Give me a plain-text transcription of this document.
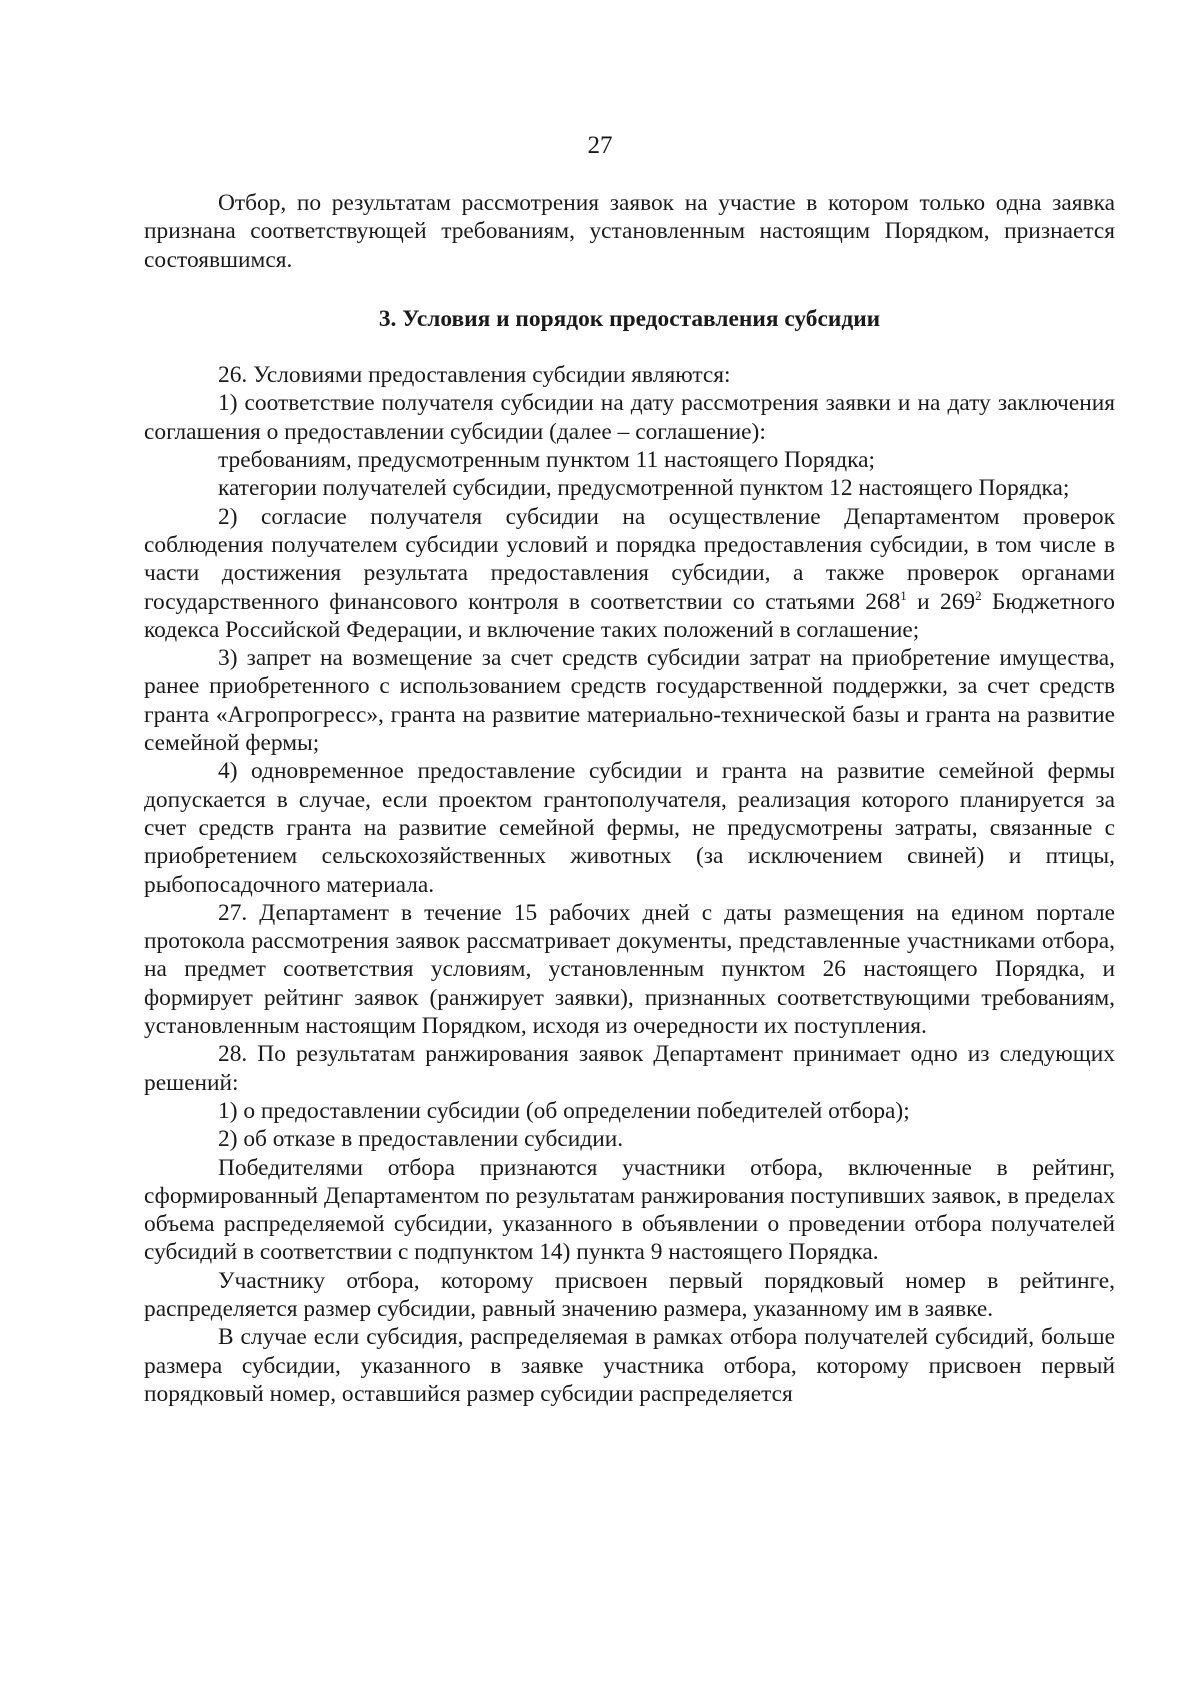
27

Отбор, по результатам рассмотрения заявок на участие в котором только одна заявка признана соответствующей требованиям, установленным настоящим Порядком, признается состоявшимся.

3. Условия и порядок предоставления субсидии

26. Условиями предоставления субсидии являются:

1) соответствие получателя субсидии на дату рассмотрения заявки и на дату заключения соглашения о предоставлении субсидии (далее – соглашение):

требованиям, предусмотренным пунктом 11 настоящего Порядка;

категории получателей субсидии, предусмотренной пунктом 12 настоящего Порядка;

2) согласие получателя субсидии на осуществление Департаментом проверок соблюдения получателем субсидии условий и порядка предоставления субсидии, в том числе в части достижения результата предоставления субсидии, а также проверок органами государственного финансового контроля в соответствии со статьями $268^1$ и $269^2$ Бюджетного кодекса Российской Федерации, и включение таких положений в соглашение;

3) запрет на возмещение за счет средств субсидии затрат на приобретение имущества, ранее приобретенного с использованием средств государственной поддержки, за счет средств гранта «Агропрогресс», гранта на развитие материально-технической базы и гранта на развитие семейной фермы;

4) одновременное предоставление субсидии и гранта на развитие семейной фермы допускается в случае, если проектом грантополучателя, реализация которого планируется за счет средств гранта на развитие семейной фермы, не предусмотрены затраты, связанные с приобретением сельскохозяйственных животных (за исключением свиней) и птицы, рыбопосадочного материала.

27. Департамент в течение 15 рабочих дней с даты размещения на едином портале протокола рассмотрения заявок рассматривает документы, представленные участниками отбора, на предмет соответствия условиям, установленным пунктом 26 настоящего Порядка, и формирует рейтинг заявок (ранжирует заявки), признанных соответствующими требованиям, установленным настоящим Порядком, исходя из очередности их поступления.

28. По результатам ранжирования заявок Департамент принимает одно из следующих решений:

1) о предоставлении субсидии (об определении победителей отбора);

2) об отказе в предоставлении субсидии.

Победителями отбора признаются участники отбора, включенные в рейтинг, сформированный Департаментом по результатам ранжирования поступивших заявок, в пределах объема распределяемой субсидии, указанного в объявлении о проведении отбора получателей субсидий в соответствии с подпунктом 14) пункта 9 настоящего Порядка.

Участнику отбора, которому присвоен первый порядковый номер в рейтинге, распределяется размер субсидии, равный значению размера, указанному им в заявке.

В случае если субсидия, распределяемая в рамках отбора получателей субсидий, больше размера субсидии, указанного в заявке участника отбора, которому присвоен первый порядковый номер, оставшийся размер субсидии распределяется
